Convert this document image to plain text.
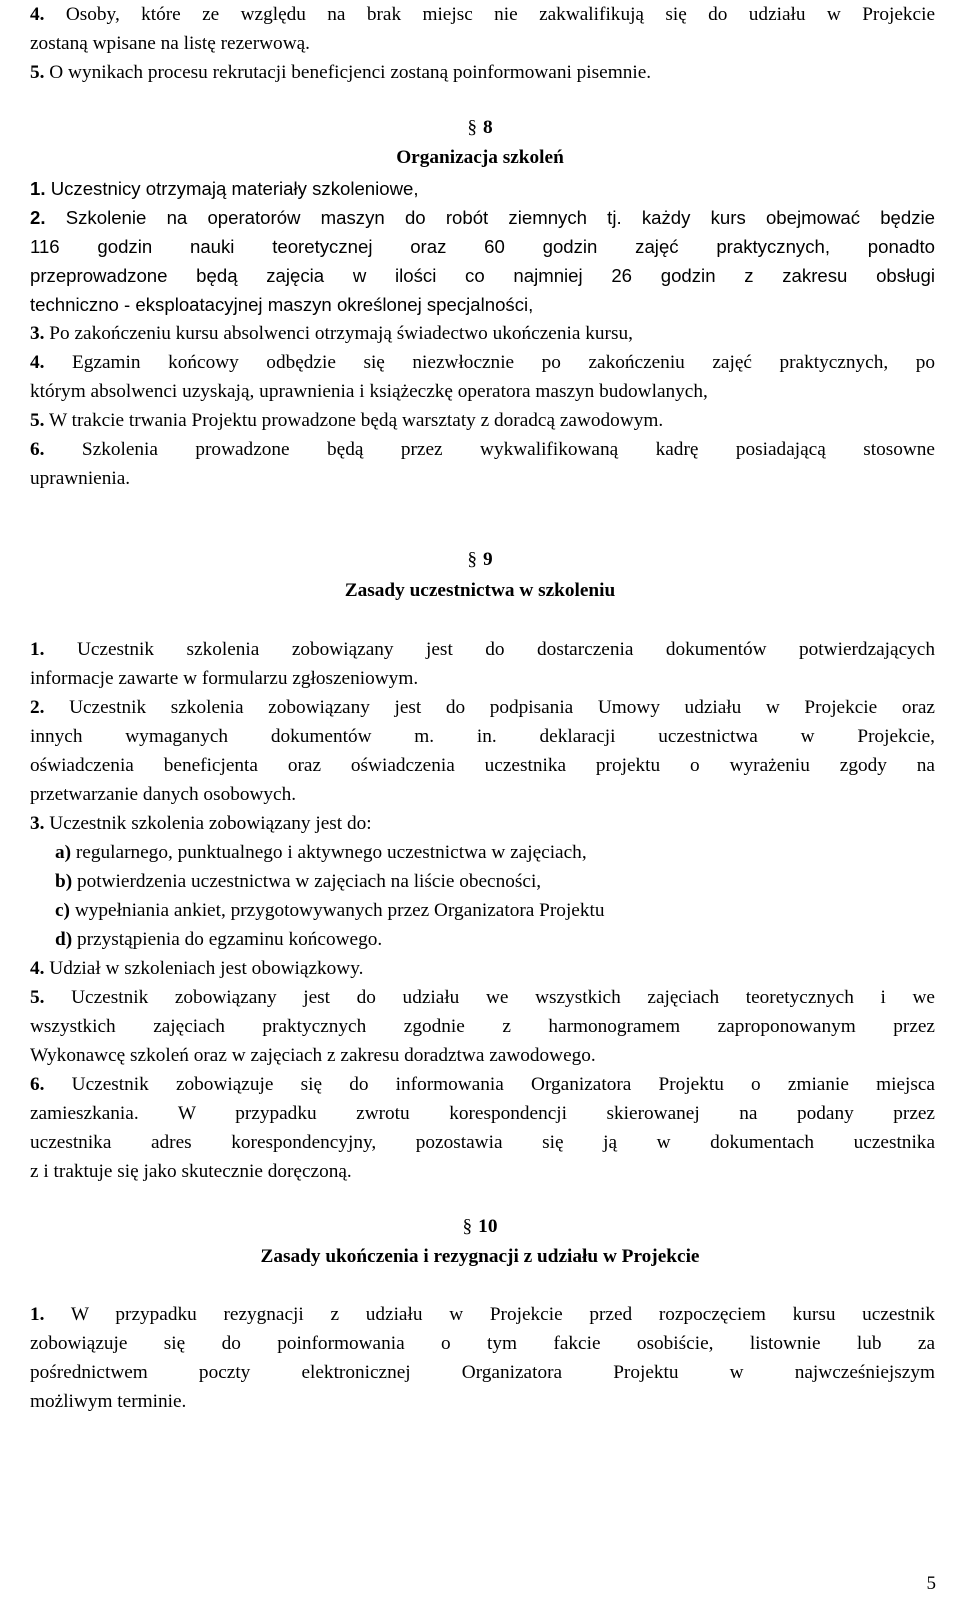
4. Osoby, które ze względu na brak miejsc nie zakwalifikują się do udziału w Projekcie
zostaną wpisane na listę rezerwową.
5. O wynikach procesu rekrutacji beneficjenci zostaną poinformowani pisemnie.
§ 8
Organizacja szkoleń
1. Uczestnicy otrzymają materiały szkoleniowe,
2. Szkolenie na operatorów maszyn do robót ziemnych tj. każdy kurs obejmować będzie
116 godzin nauki teoretycznej oraz 60 godzin zajęć praktycznych, ponadto
przeprowadzone będą zajęcia w ilości co najmniej 26 godzin z zakresu obsługi
techniczno - eksploatacyjnej maszyn określonej specjalności,
3. Po zakończeniu kursu absolwenci otrzymają świadectwo ukończenia kursu,
4. Egzamin końcowy odbędzie się niezwłocznie po zakończeniu zajęć praktycznych, po
którym absolwenci uzyskają, uprawnienia i książeczkę operatora maszyn budowlanych,
5. W trakcie trwania Projektu prowadzone będą warsztaty z doradcą zawodowym.
6. Szkolenia prowadzone będą przez wykwalifikowaną kadrę posiadającą stosowne
uprawnienia.
§ 9
Zasady uczestnictwa w szkoleniu
1. Uczestnik szkolenia zobowiązany jest do dostarczenia dokumentów potwierdzających
informacje zawarte w formularzu zgłoszeniowym.
2. Uczestnik szkolenia zobowiązany jest do podpisania Umowy udziału w Projekcie oraz
innych wymaganych dokumentów m. in. deklaracji uczestnictwa w Projekcie,
oświadczenia beneficjenta oraz oświadczenia uczestnika projektu o wyrażeniu zgody na
przetwarzanie danych osobowych.
3. Uczestnik szkolenia zobowiązany jest do:
a) regularnego, punktualnego i aktywnego uczestnictwa w zajęciach,
b) potwierdzenia uczestnictwa w zajęciach na liście obecności,
c) wypełniania ankiet, przygotowywanych przez Organizatora Projektu
d) przystąpienia do egzaminu końcowego.
4. Udział w szkoleniach jest obowiązkowy.
5. Uczestnik zobowiązany jest do udziału we wszystkich zajęciach teoretycznych i we
wszystkich zajęciach praktycznych zgodnie z harmonogramem zaproponowanym przez
Wykonawcę szkoleń oraz w zajęciach z zakresu doradztwa zawodowego.
6. Uczestnik zobowiązuje się do informowania Organizatora Projektu o zmianie miejsca
zamieszkania. W przypadku zwrotu korespondencji skierowanej na podany przez
uczestnika adres korespondencyjny, pozostawia się ją w dokumentach uczestnika
z i traktuje się jako skutecznie doręczoną.
§ 10
Zasady ukończenia i rezygnacji z udziału w Projekcie
1. W przypadku rezygnacji z udziału w Projekcie przed rozpoczęciem kursu uczestnik
zobowiązuje się do poinformowania o tym fakcie osobiście, listownie lub za
pośrednictwem poczty elektronicznej Organizatora Projektu w najwcześniejszym
możliwym terminie.
5
